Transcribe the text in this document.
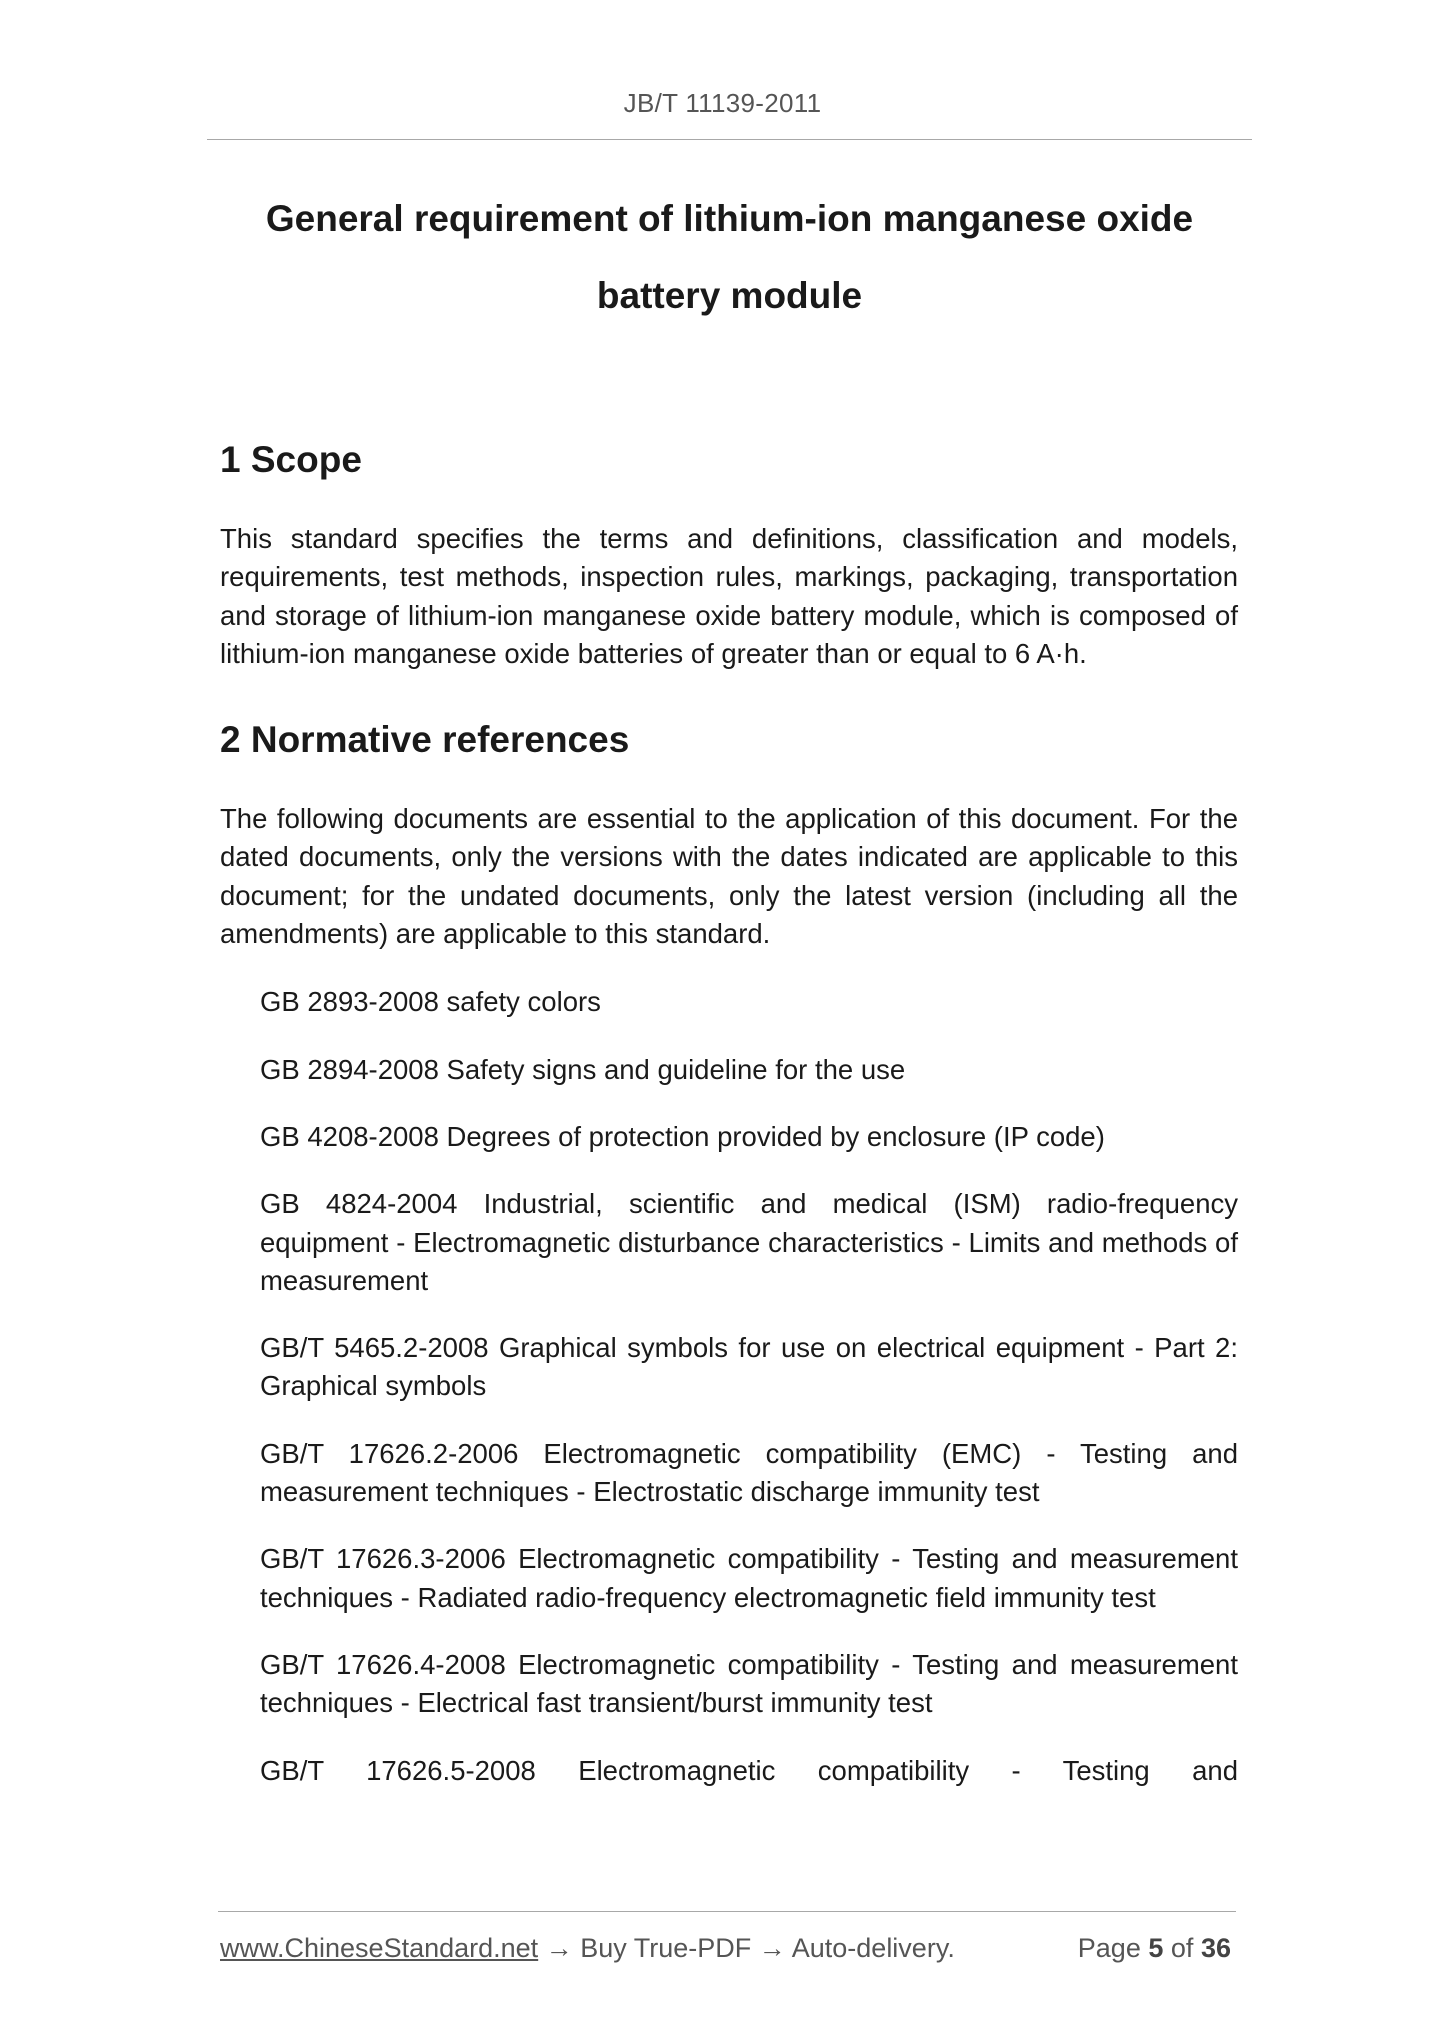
JB/T 11139-2011
General requirement of lithium-ion manganese oxide
battery module
1 Scope

This standard specifies the terms and definitions, classification and models, requirements, test methods, inspection rules, markings, packaging, transportation and storage of lithium-ion manganese oxide battery module, which is composed of lithium-ion manganese oxide batteries of greater than or equal to 6 A·h.

2 Normative references

The following documents are essential to the application of this document. For the dated documents, only the versions with the dates indicated are applicable to this document; for the undated documents, only the latest version (including all the amendments) are applicable to this standard.

GB 2893-2008 safety colors
GB 2894-2008 Safety signs and guideline for the use
GB 4208-2008 Degrees of protection provided by enclosure (IP code)
GB 4824-2004 Industrial, scientific and medical (ISM) radio-frequency equipment - Electromagnetic disturbance characteristics - Limits and methods of measurement
GB/T 5465.2-2008 Graphical symbols for use on electrical equipment - Part 2: Graphical symbols
GB/T 17626.2-2006 Electromagnetic compatibility (EMC) - Testing and measurement techniques - Electrostatic discharge immunity test
GB/T 17626.3-2006 Electromagnetic compatibility - Testing and measurement techniques - Radiated radio-frequency electromagnetic field immunity test
GB/T 17626.4-2008 Electromagnetic compatibility - Testing and measurement techniques - Electrical fast transient/burst immunity test
GB/T 17626.5-2008 Electromagnetic compatibility - Testing and
www.ChineseStandard.net → Buy True-PDF → Auto-delivery.	Page 5 of 36
